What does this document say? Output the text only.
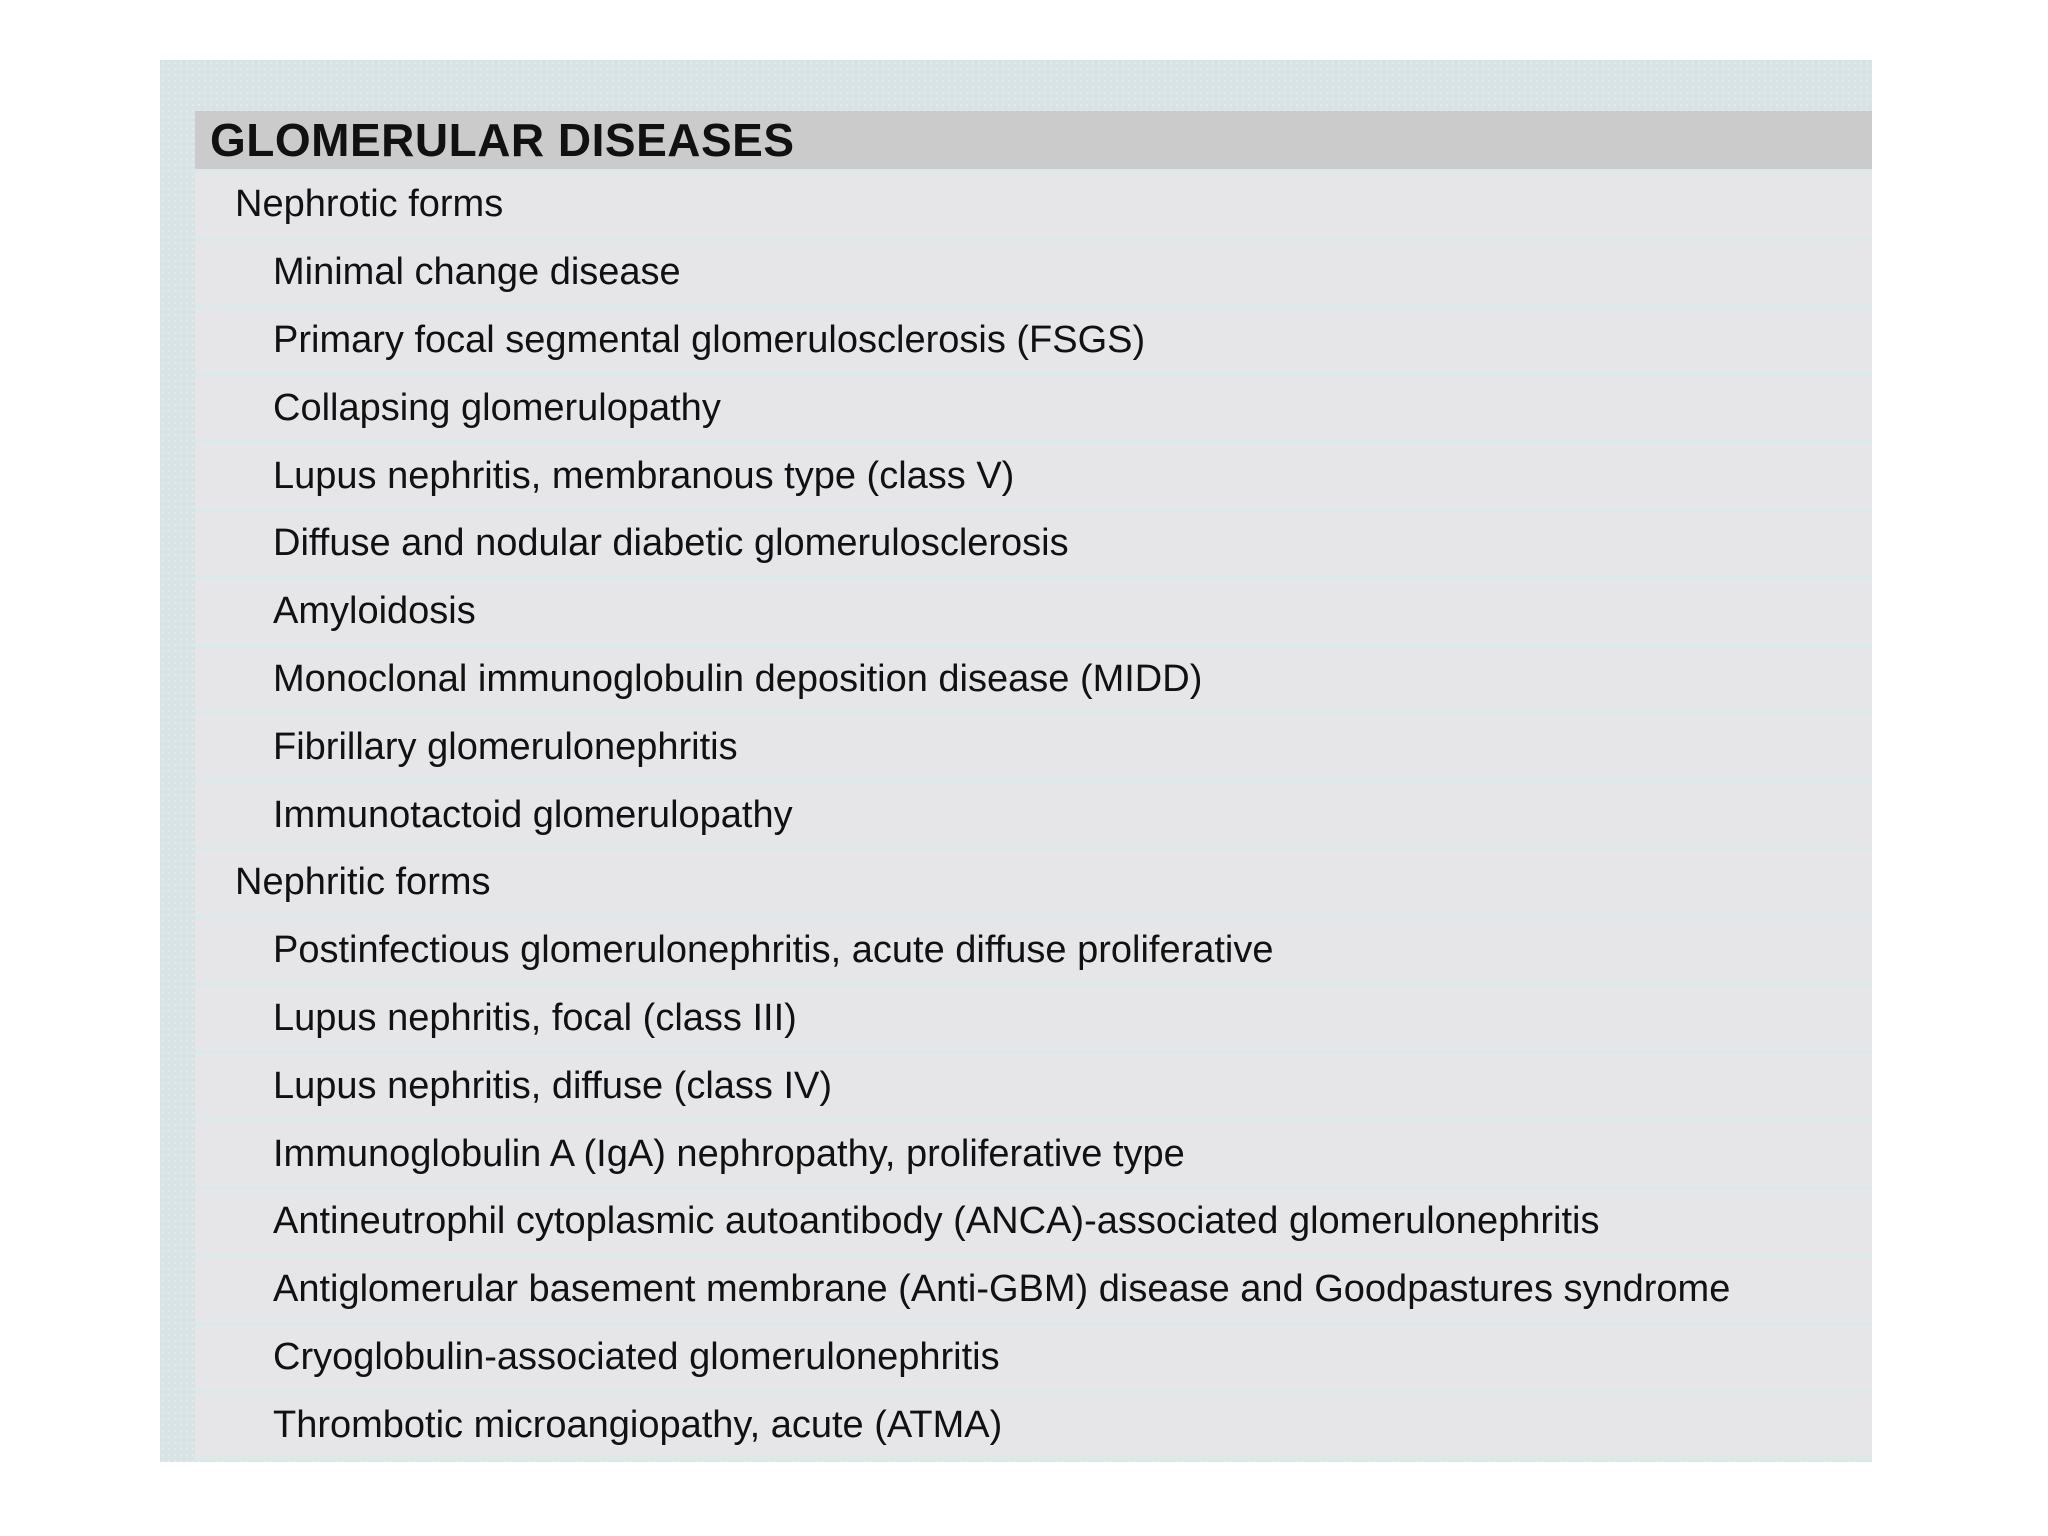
GLOMERULAR DISEASES
Nephrotic forms
Minimal change disease
Primary focal segmental glomerulosclerosis (FSGS)
Collapsing glomerulopathy
Lupus nephritis, membranous type (class V)
Diffuse and nodular diabetic glomerulosclerosis
Amyloidosis
Monoclonal immunoglobulin deposition disease (MIDD)
Fibrillary glomerulonephritis
Immunotactoid glomerulopathy
Nephritic forms
Postinfectious glomerulonephritis, acute diffuse proliferative
Lupus nephritis, focal (class III)
Lupus nephritis, diffuse (class IV)
Immunoglobulin A (IgA) nephropathy, proliferative type
Antineutrophil cytoplasmic autoantibody (ANCA)-associated glomerulonephritis
Antiglomerular basement membrane (Anti-GBM) disease and Goodpastures syndrome
Cryoglobulin-associated glomerulonephritis
Thrombotic microangiopathy, acute (ATMA)
